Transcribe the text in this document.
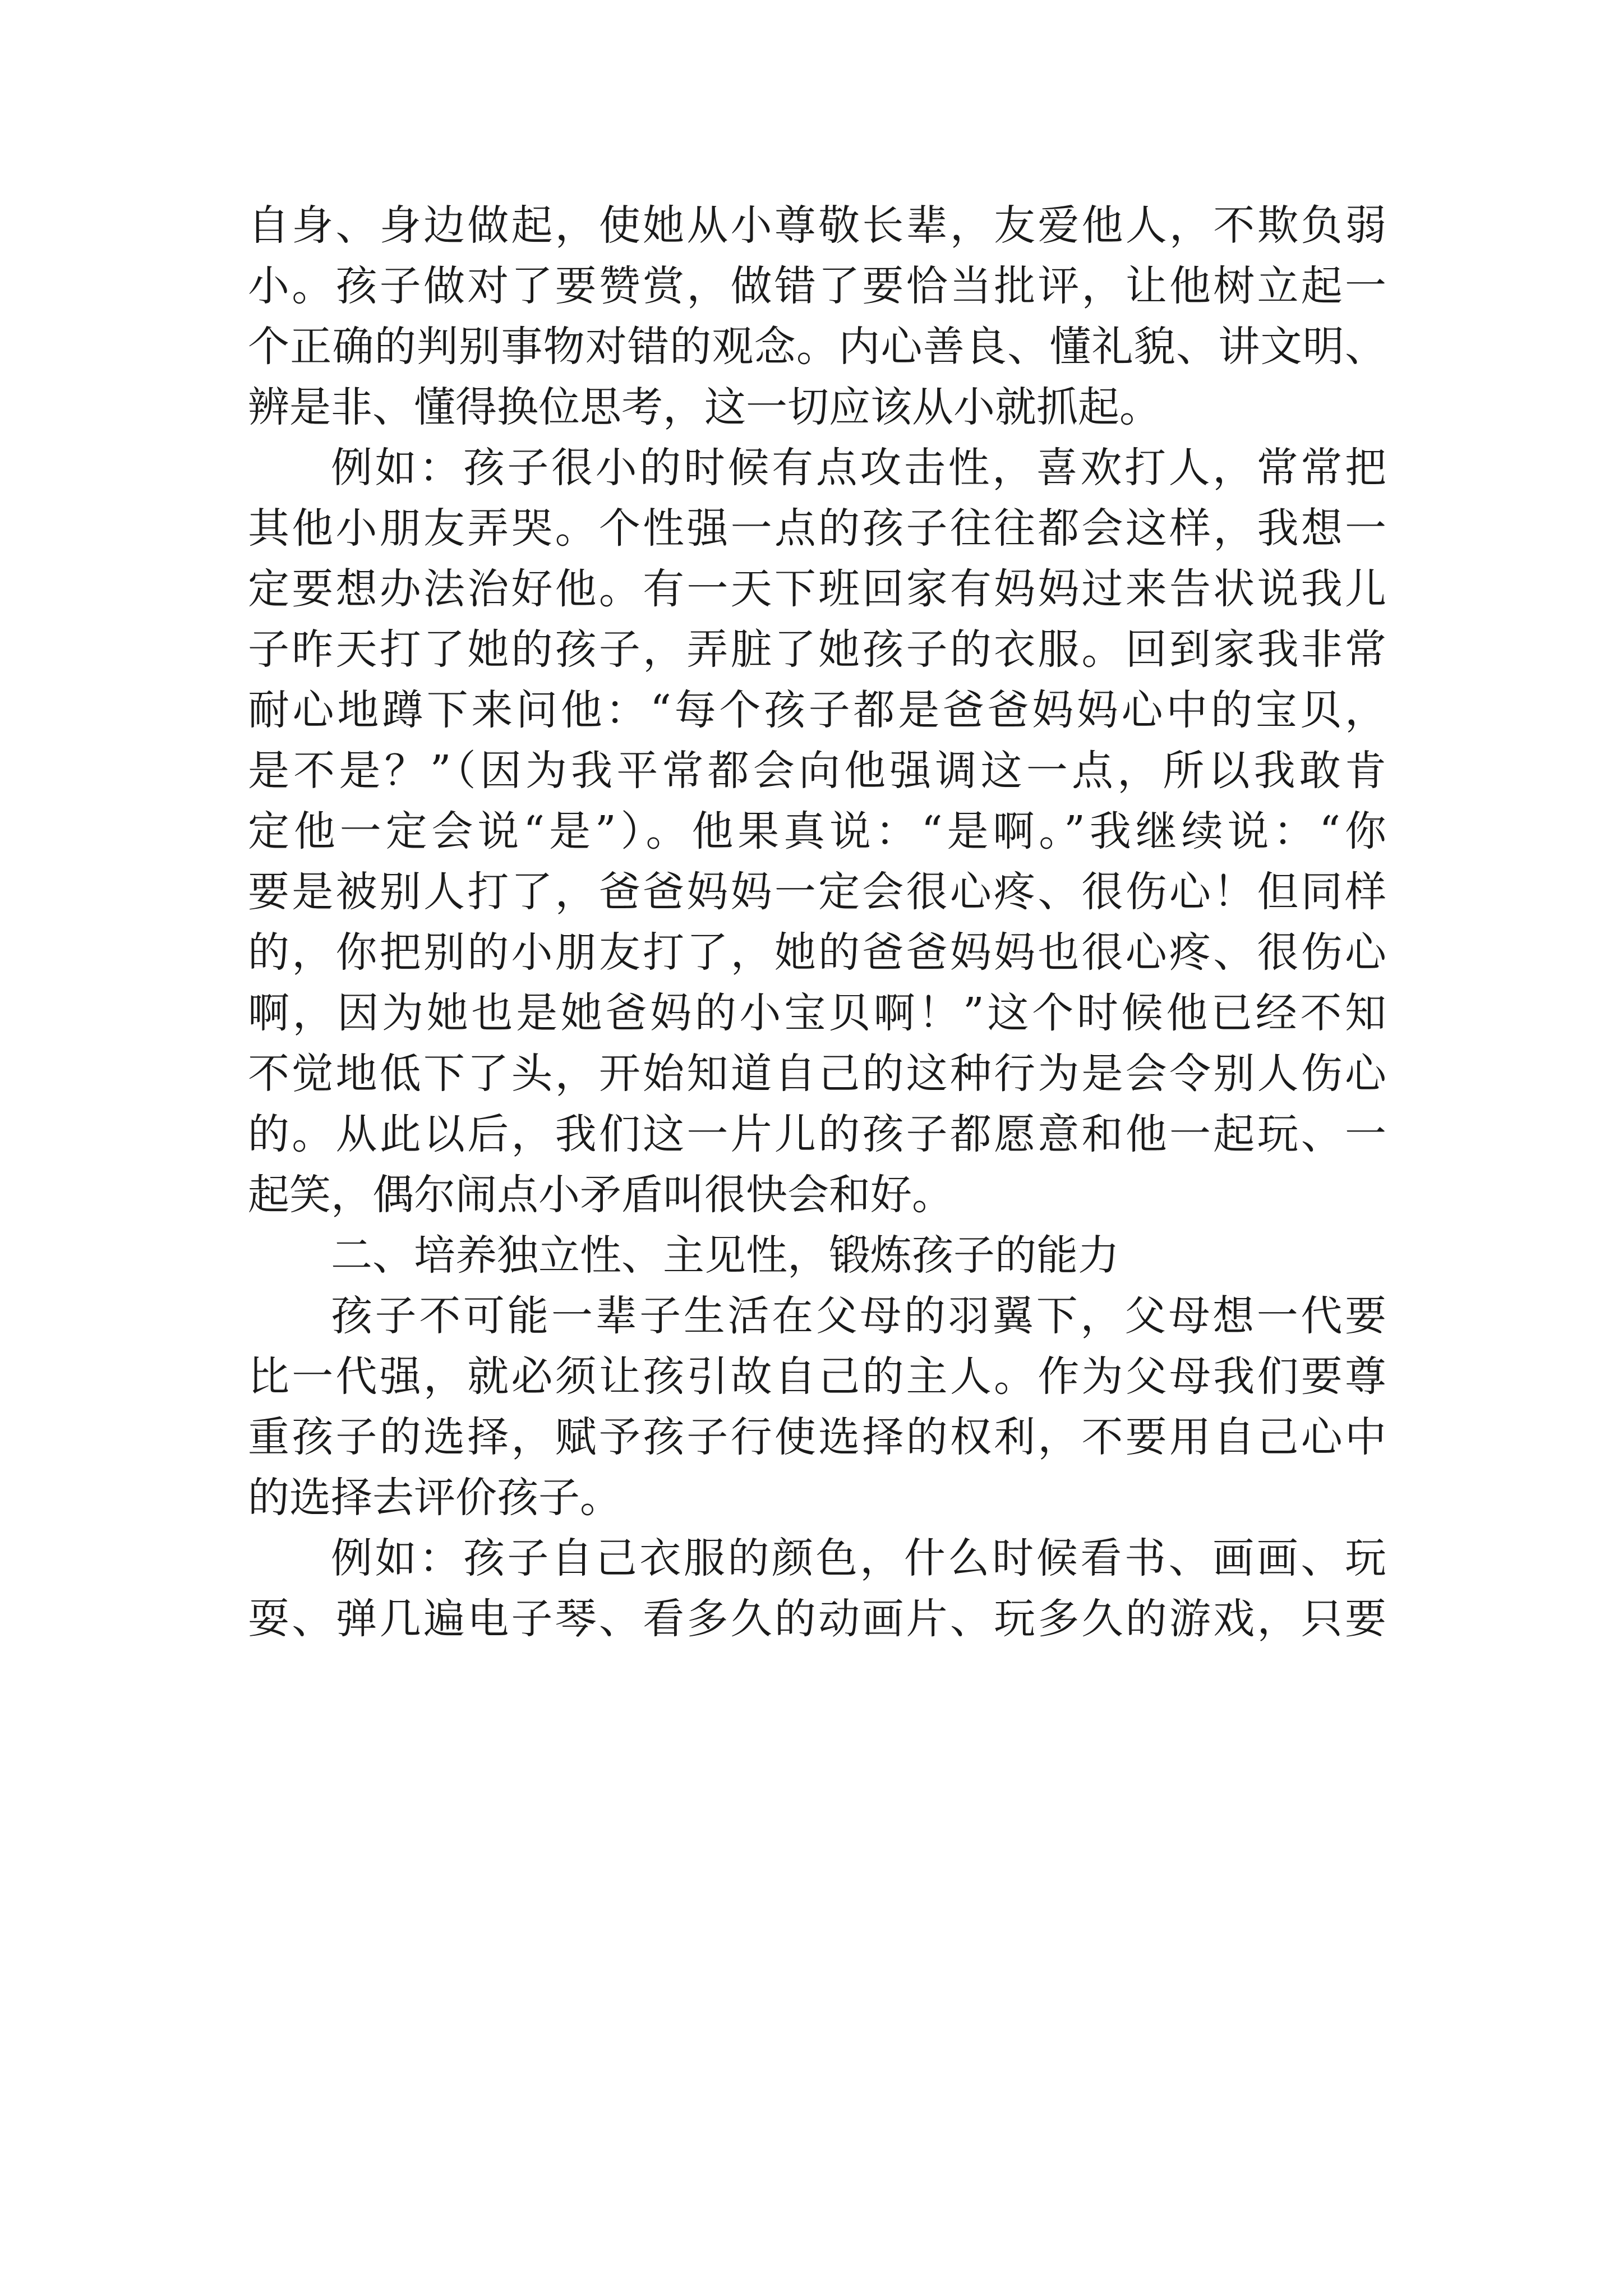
自身、身边做起，使她从小尊敬长辈，友爱他人，不欺负弱
小。孩子做对了要赞赏，做错了要恰当批评，让他树立起一
个正确的判别事物对错的观念。内心善良、懂礼貌、讲文明、
辨是非、懂得换位思考，这一切应该从小就抓起。
例如：孩子很小的时候有点攻击性，喜欢打人，常常把
其他小朋友弄哭。个性强一点的孩子往往都会这样，我想一
定要想办法治好他。有一天下班回家有妈妈过来告状说我儿
子昨天打了她的孩子，弄脏了她孩子的衣服。回到家我非常
耐心地蹲下来问他：“每个孩子都是爸爸妈妈心中的宝贝，
是不是？”（因为我平常都会向他强调这一点，所以我敢肯
定他一定会说“是”）。他果真说：“是啊。”我继续说：“你
要是被别人打了，爸爸妈妈一定会很心疼、很伤心！但同样
的，你把别的小朋友打了，她的爸爸妈妈也很心疼、很伤心
啊，因为她也是她爸妈的小宝贝啊！”这个时候他已经不知
不觉地低下了头，开始知道自己的这种行为是会令别人伤心
的。从此以后，我们这一片儿的孩子都愿意和他一起玩、一
起笑，偶尔闹点小矛盾叫很快会和好。
二、培养独立性、主见性，锻炼孩子的能力
孩子不可能一辈子生活在父母的羽翼下，父母想一代要
比一代强，就必须让孩引故自己的主人。作为父母我们要尊
重孩子的选择，赋予孩子行使选择的权利，不要用自己心中
的选择去评价孩子。
例如：孩子自己衣服的颜色，什么时候看书、画画、玩
耍、弹几遍电子琴、看多久的动画片、玩多久的游戏，只要
